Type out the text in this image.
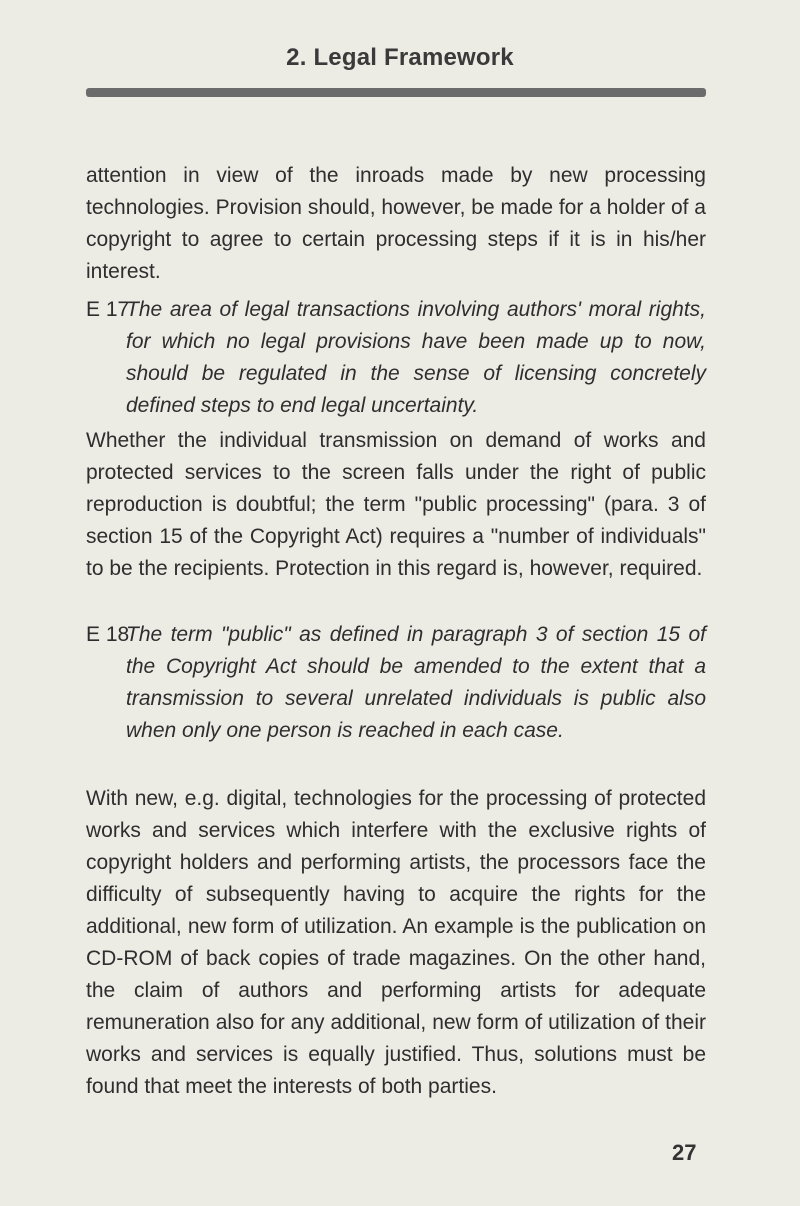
2. Legal Framework

attention in view of the inroads made by new processing technologies. Provision should, however, be made for a holder of a copyright to agree to certain processing steps if it is in his/her interest.

E 17
The area of legal transactions involving authors' moral rights, for which no legal provisions have been made up to now, should be regulated in the sense of licensing concretely defined steps to end legal uncertainty.

Whether the individual transmission on demand of works and protected services to the screen falls under the right of public reproduction is doubtful; the term "public processing" (para. 3 of section 15 of the Copyright Act) requires a "number of individuals" to be the recipients. Protection in this regard is, however, required.

E 18
The term "public" as defined in paragraph 3 of section 15 of the Copyright Act should be amended to the extent that a transmission to several unrelated individuals is public also when only one person is reached in each case.

With new, e.g. digital, technologies for the processing of protected works and services which interfere with the exclusive rights of copyright holders and performing artists, the processors face the difficulty of subsequently having to acquire the rights for the additional, new form of utilization. An example is the publication on CD-ROM of back copies of trade magazines. On the other hand, the claim of authors and performing artists for adequate remuneration also for any additional, new form of utilization of their works and services is equally justified. Thus, solutions must be found that meet the interests of both parties.

27
